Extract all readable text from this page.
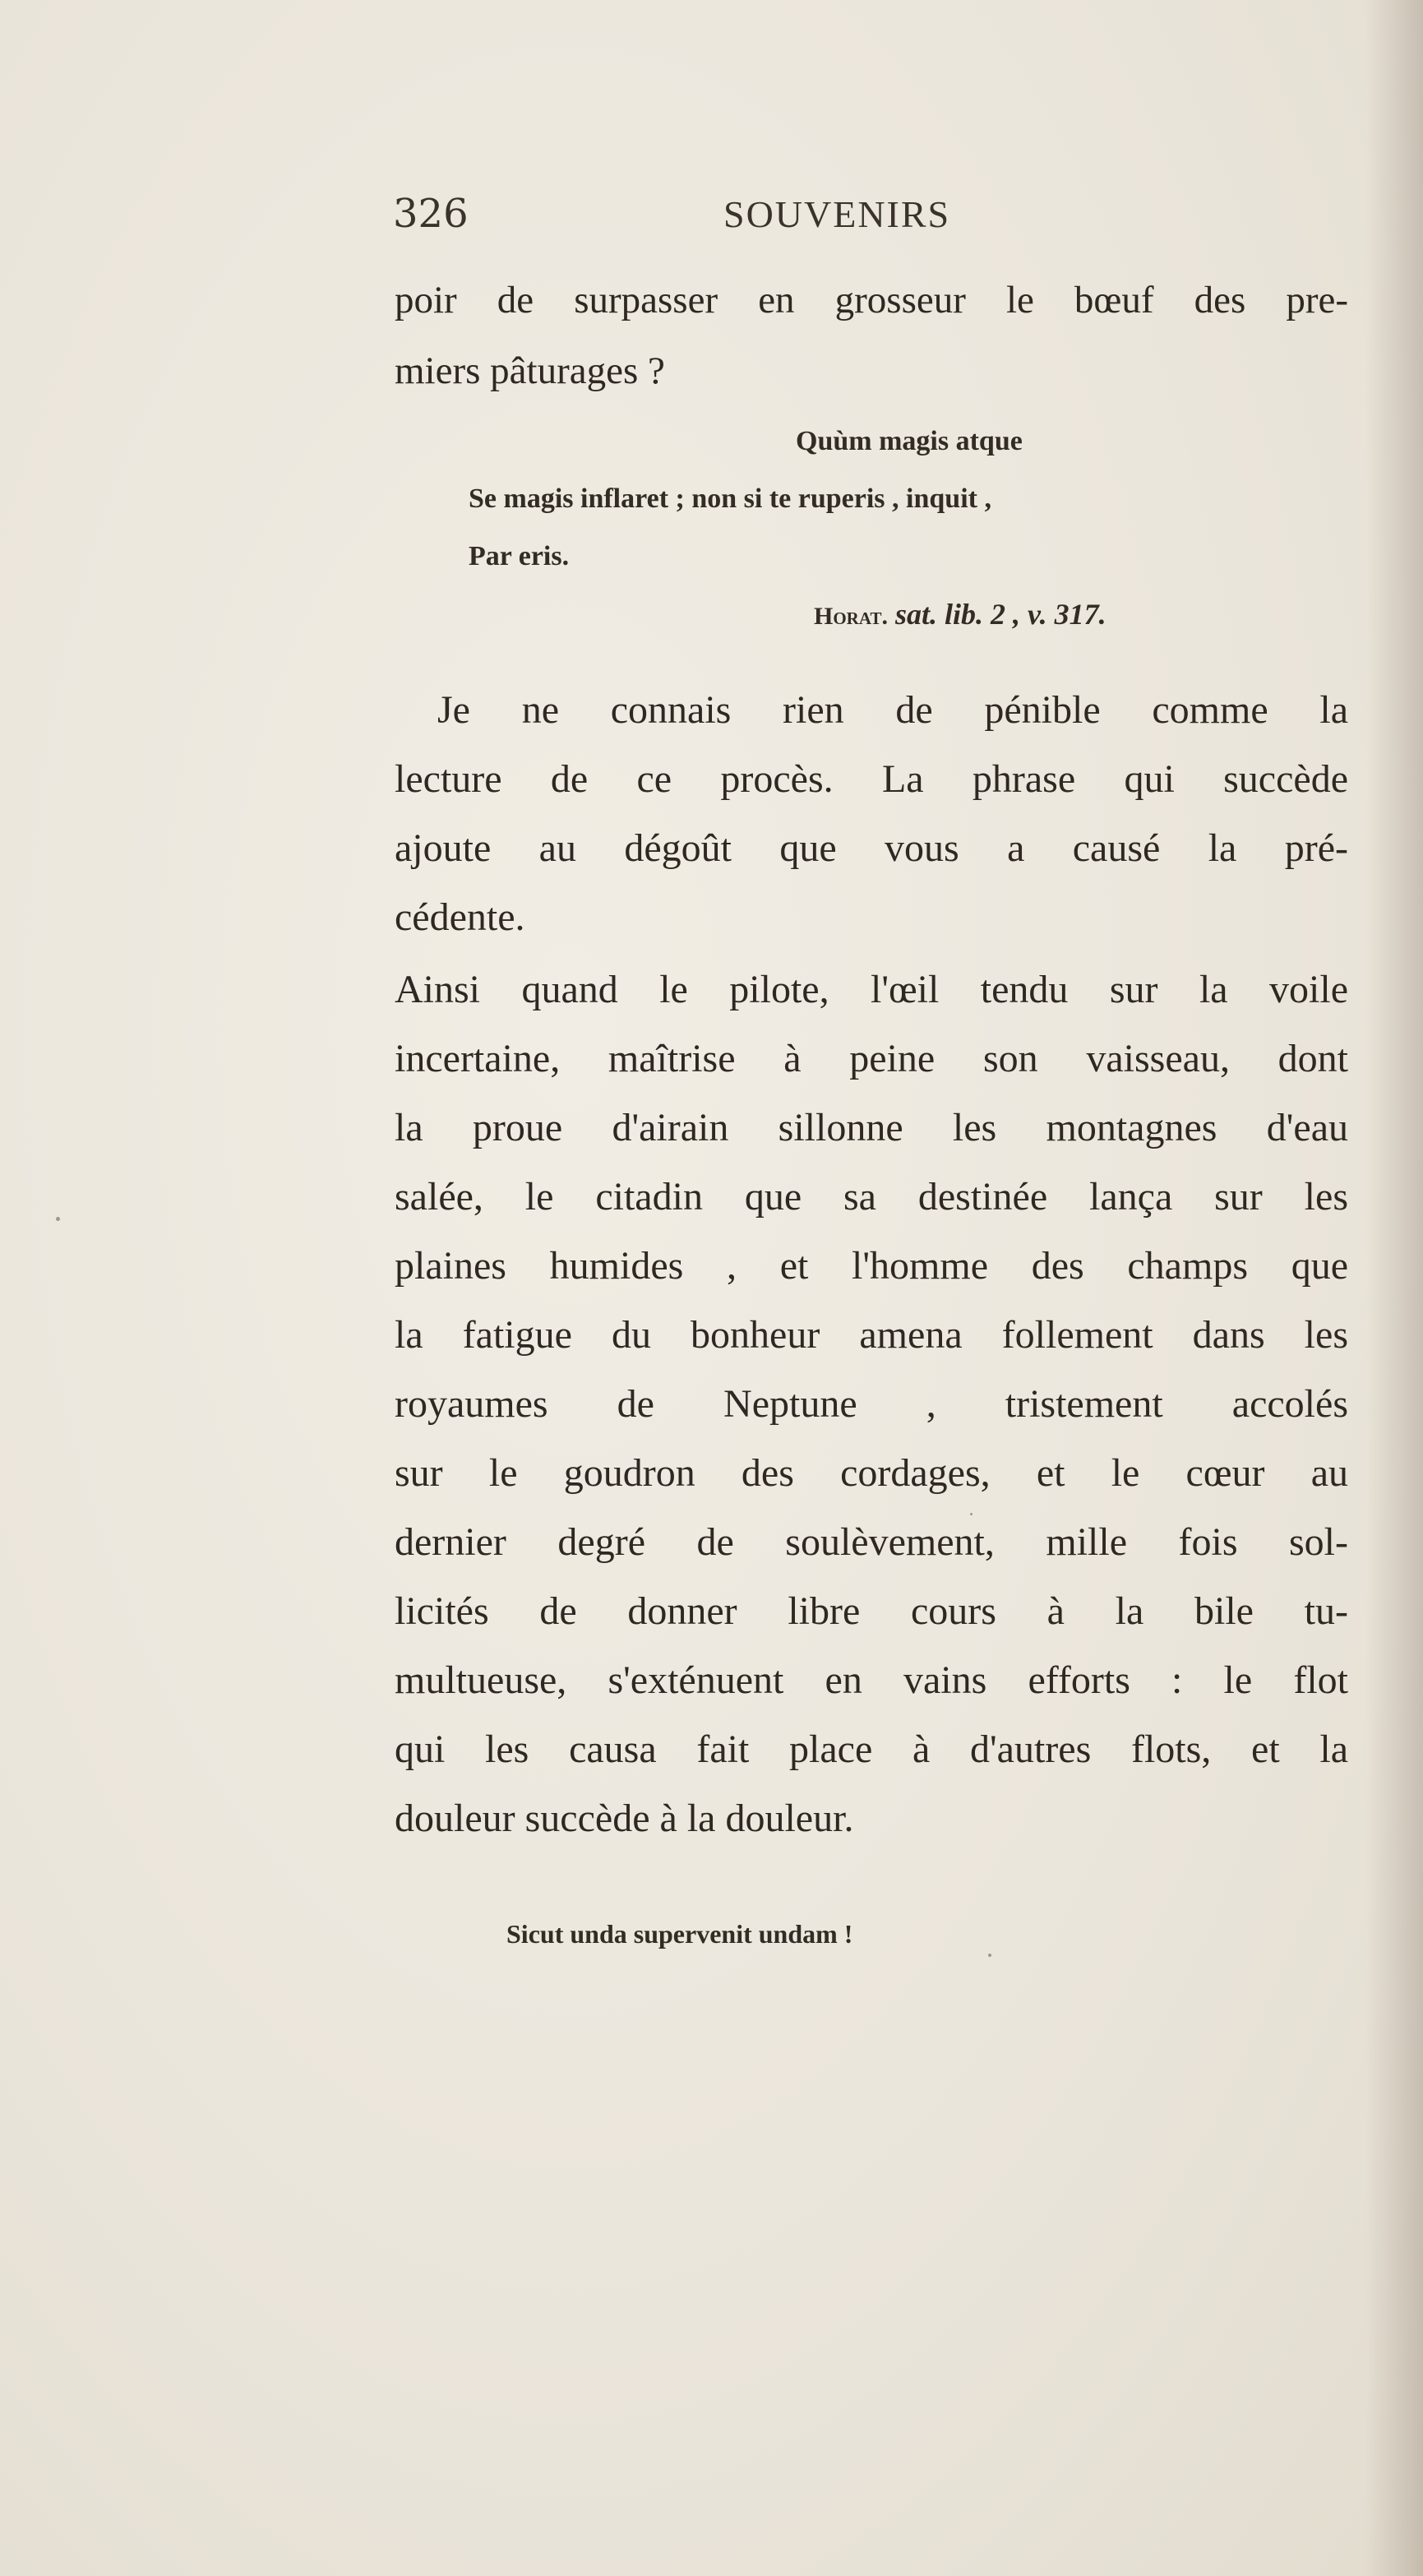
326	SOUVENIRS
poir de surpasser en grosseur le bœuf des pre-
miers pâturages ?
Quùm magis atque
Se magis inflaret ; non si te ruperis , inquit ,
Par eris.
Horat. sat. lib. 2 , v. 317.
Je ne connais rien de pénible comme la
lecture de ce procès. La phrase qui succède
ajoute au dégoût que vous a causé la pré-
cédente.
Ainsi quand le pilote, l'œil tendu sur la voile
incertaine, maîtrise à peine son vaisseau, dont
la proue d'airain sillonne les montagnes d'eau
salée, le citadin que sa destinée lança sur les
plaines humides , et l'homme des champs que
la fatigue du bonheur amena follement dans les
royaumes de Neptune , tristement accolés
sur le goudron des cordages, et le cœur au
dernier degré de soulèvement, mille fois sol-
licités de donner libre cours à la bile tu-
multueuse, s'exténuent en vains efforts : le flot
qui les causa fait place à d'autres flots, et la
douleur succède à la douleur.
Sicut unda supervenit undam !
